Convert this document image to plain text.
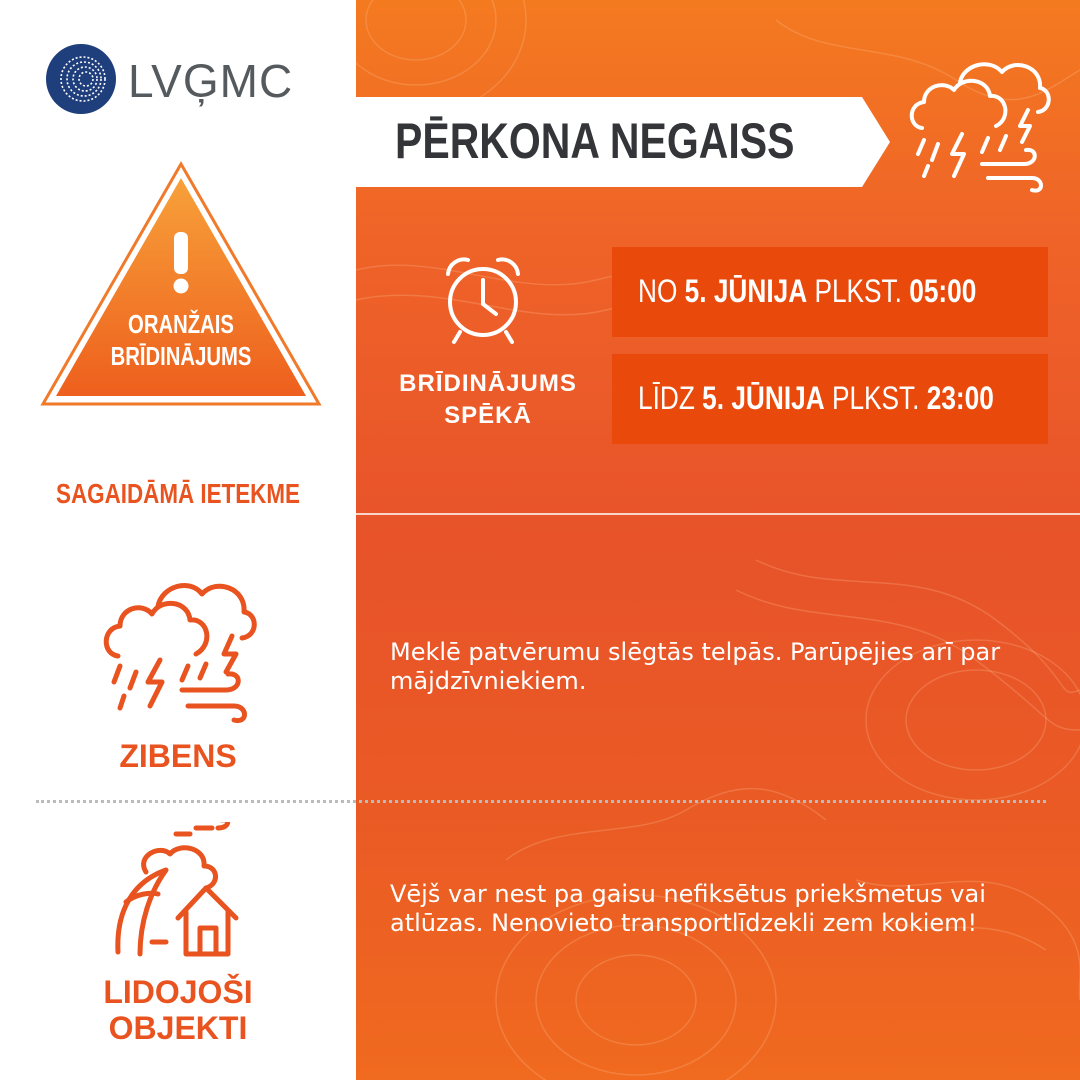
LVĢMC
ORANŽAIS
BRĪDINĀJUMS
SAGAIDĀMĀ IETEKME
PĒRKONA NEGAISS
BRĪDINĀJUMS
SPĒKĀ
NO 5. JŪNIJA PLKST. 05:00
LĪDZ 5. JŪNIJA PLKST. 23:00
ZIBENS
Meklē patvērumu slēgtās telpās. Parūpējies arī par mājdzīvniekiem.
LIDOJOŠI
OBJEKTI
Vējš var nest pa gaisu nefiksētus priekšmetus vai atlūzas. Nenovieto transportlīdzekli zem kokiem!
